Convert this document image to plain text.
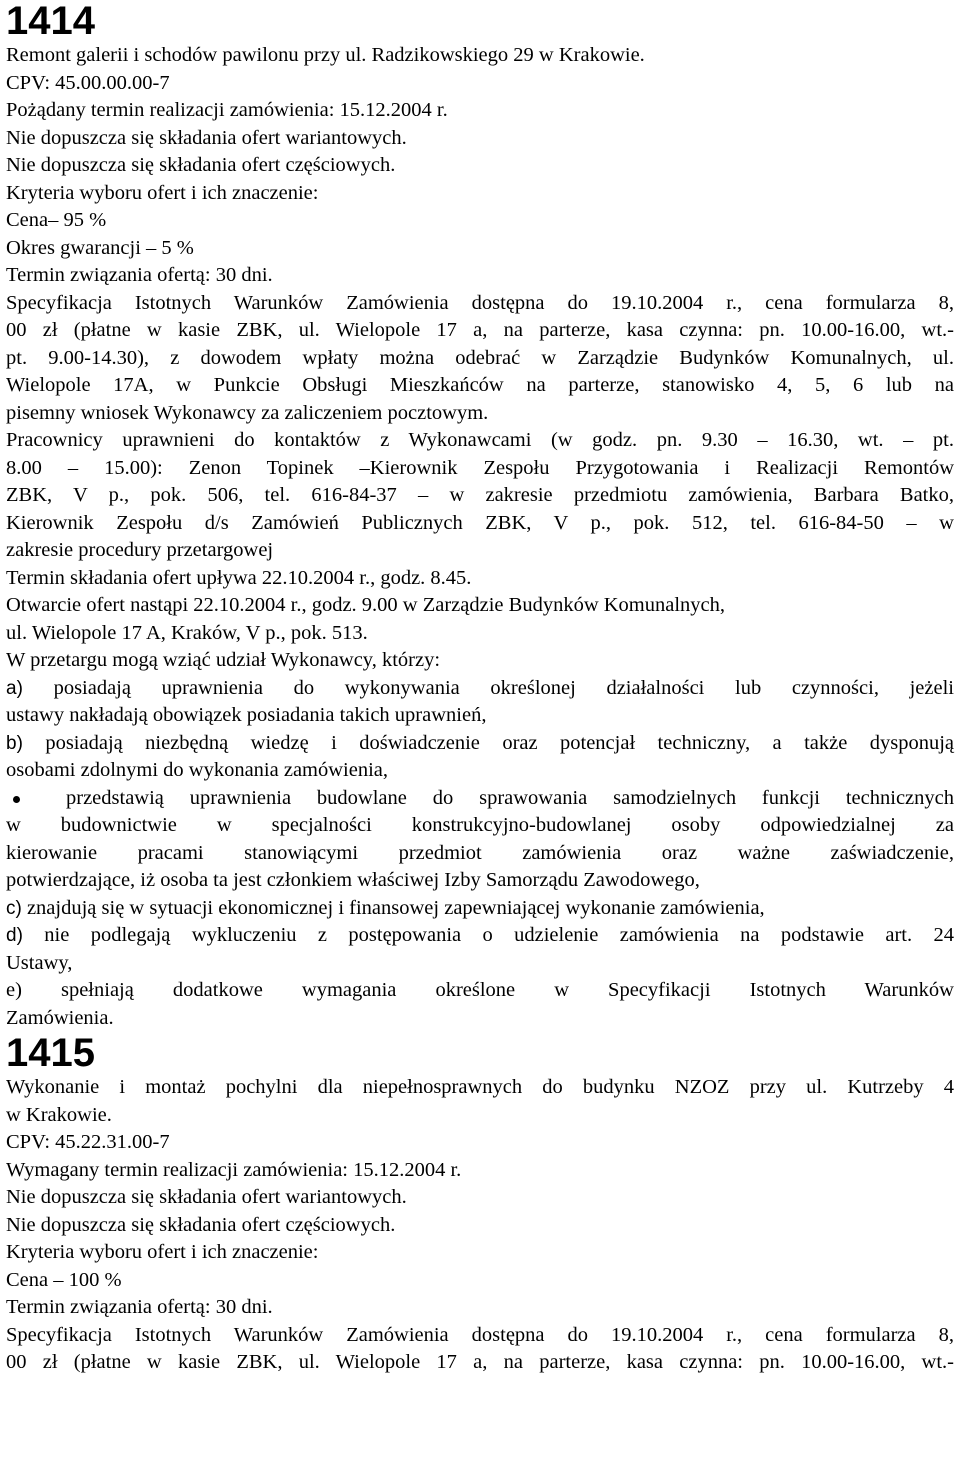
1414

Remont galerii i schodów pawilonu przy ul. Radzikowskiego 29 w Krakowie.

CPV: 45.00.00.00-7

Pożądany termin realizacji zamówienia: 15.12.2004 r.

Nie dopuszcza się składania ofert wariantowych.

Nie dopuszcza się składania ofert częściowych.

Kryteria wyboru ofert i ich znaczenie:

Cena– 95 %

Okres gwarancji – 5 %

Termin związania ofertą: 30 dni.

Specyfikacja Istotnych Warunków Zamówienia dostępna do 19.10.2004 r., cena formularza 8,

00 zł (płatne w kasie ZBK, ul. Wielopole 17 a, na parterze, kasa czynna: pn. 10.00-16.00, wt.-

pt. 9.00-14.30), z dowodem wpłaty można odebrać w Zarządzie Budynków Komunalnych, ul.

Wielopole 17A, w Punkcie Obsługi Mieszkańców na parterze, stanowisko 4, 5, 6 lub na

pisemny wniosek Wykonawcy za zaliczeniem pocztowym.

Pracownicy uprawnieni do kontaktów z Wykonawcami (w godz. pn. 9.30 – 16.30, wt. – pt.

8.00 – 15.00): Zenon Topinek –Kierownik Zespołu Przygotowania i Realizacji Remontów

ZBK, V p., pok. 506, tel. 616-84-37 – w zakresie przedmiotu zamówienia, Barbara Batko,

Kierownik Zespołu d/s Zamówień Publicznych ZBK, V p., pok. 512, tel. 616-84-50 – w

zakresie procedury przetargowej

Termin składania ofert upływa 22.10.2004 r., godz. 8.45.

Otwarcie ofert nastąpi 22.10.2004 r., godz. 9.00 w Zarządzie Budynków Komunalnych,

ul. Wielopole 17 A, Kraków, V p., pok. 513.

W przetargu mogą wziąć udział Wykonawcy, którzy:

a) posiadają uprawnienia do wykonywania określonej działalności lub czynności, jeżeli

ustawy nakładają obowiązek posiadania takich uprawnień,

b) posiadają niezbędną wiedzę i doświadczenie oraz potencjał techniczny, a także dysponują

osobami zdolnymi do wykonania zamówienia,

przedstawią uprawnienia budowlane do sprawowania samodzielnych funkcji technicznych

w budownictwie w specjalności konstrukcyjno-budowlanej osoby odpowiedzialnej za

kierowanie pracami stanowiącymi przedmiot zamówienia oraz ważne zaświadczenie,

potwierdzające, iż osoba ta jest członkiem właściwej Izby Samorządu Zawodowego,

c) znajdują się w sytuacji ekonomicznej i finansowej zapewniającej wykonanie zamówienia,

d) nie podlegają wykluczeniu z postępowania o udzielenie zamówienia na podstawie art. 24

Ustawy,

e) spełniają dodatkowe wymagania określone w Specyfikacji Istotnych Warunków

Zamówienia.

1415

Wykonanie i montaż pochylni dla niepełnosprawnych do budynku NZOZ przy ul. Kutrzeby 4

w Krakowie.

CPV: 45.22.31.00-7

Wymagany termin realizacji zamówienia: 15.12.2004 r.

Nie dopuszcza się składania ofert wariantowych.

Nie dopuszcza się składania ofert częściowych.

Kryteria wyboru ofert i ich znaczenie:

Cena – 100 %

Termin związania ofertą: 30 dni.

Specyfikacja Istotnych Warunków Zamówienia dostępna do 19.10.2004 r., cena formularza 8,

00 zł (płatne w kasie ZBK, ul. Wielopole 17 a, na parterze, kasa czynna: pn. 10.00-16.00, wt.-
